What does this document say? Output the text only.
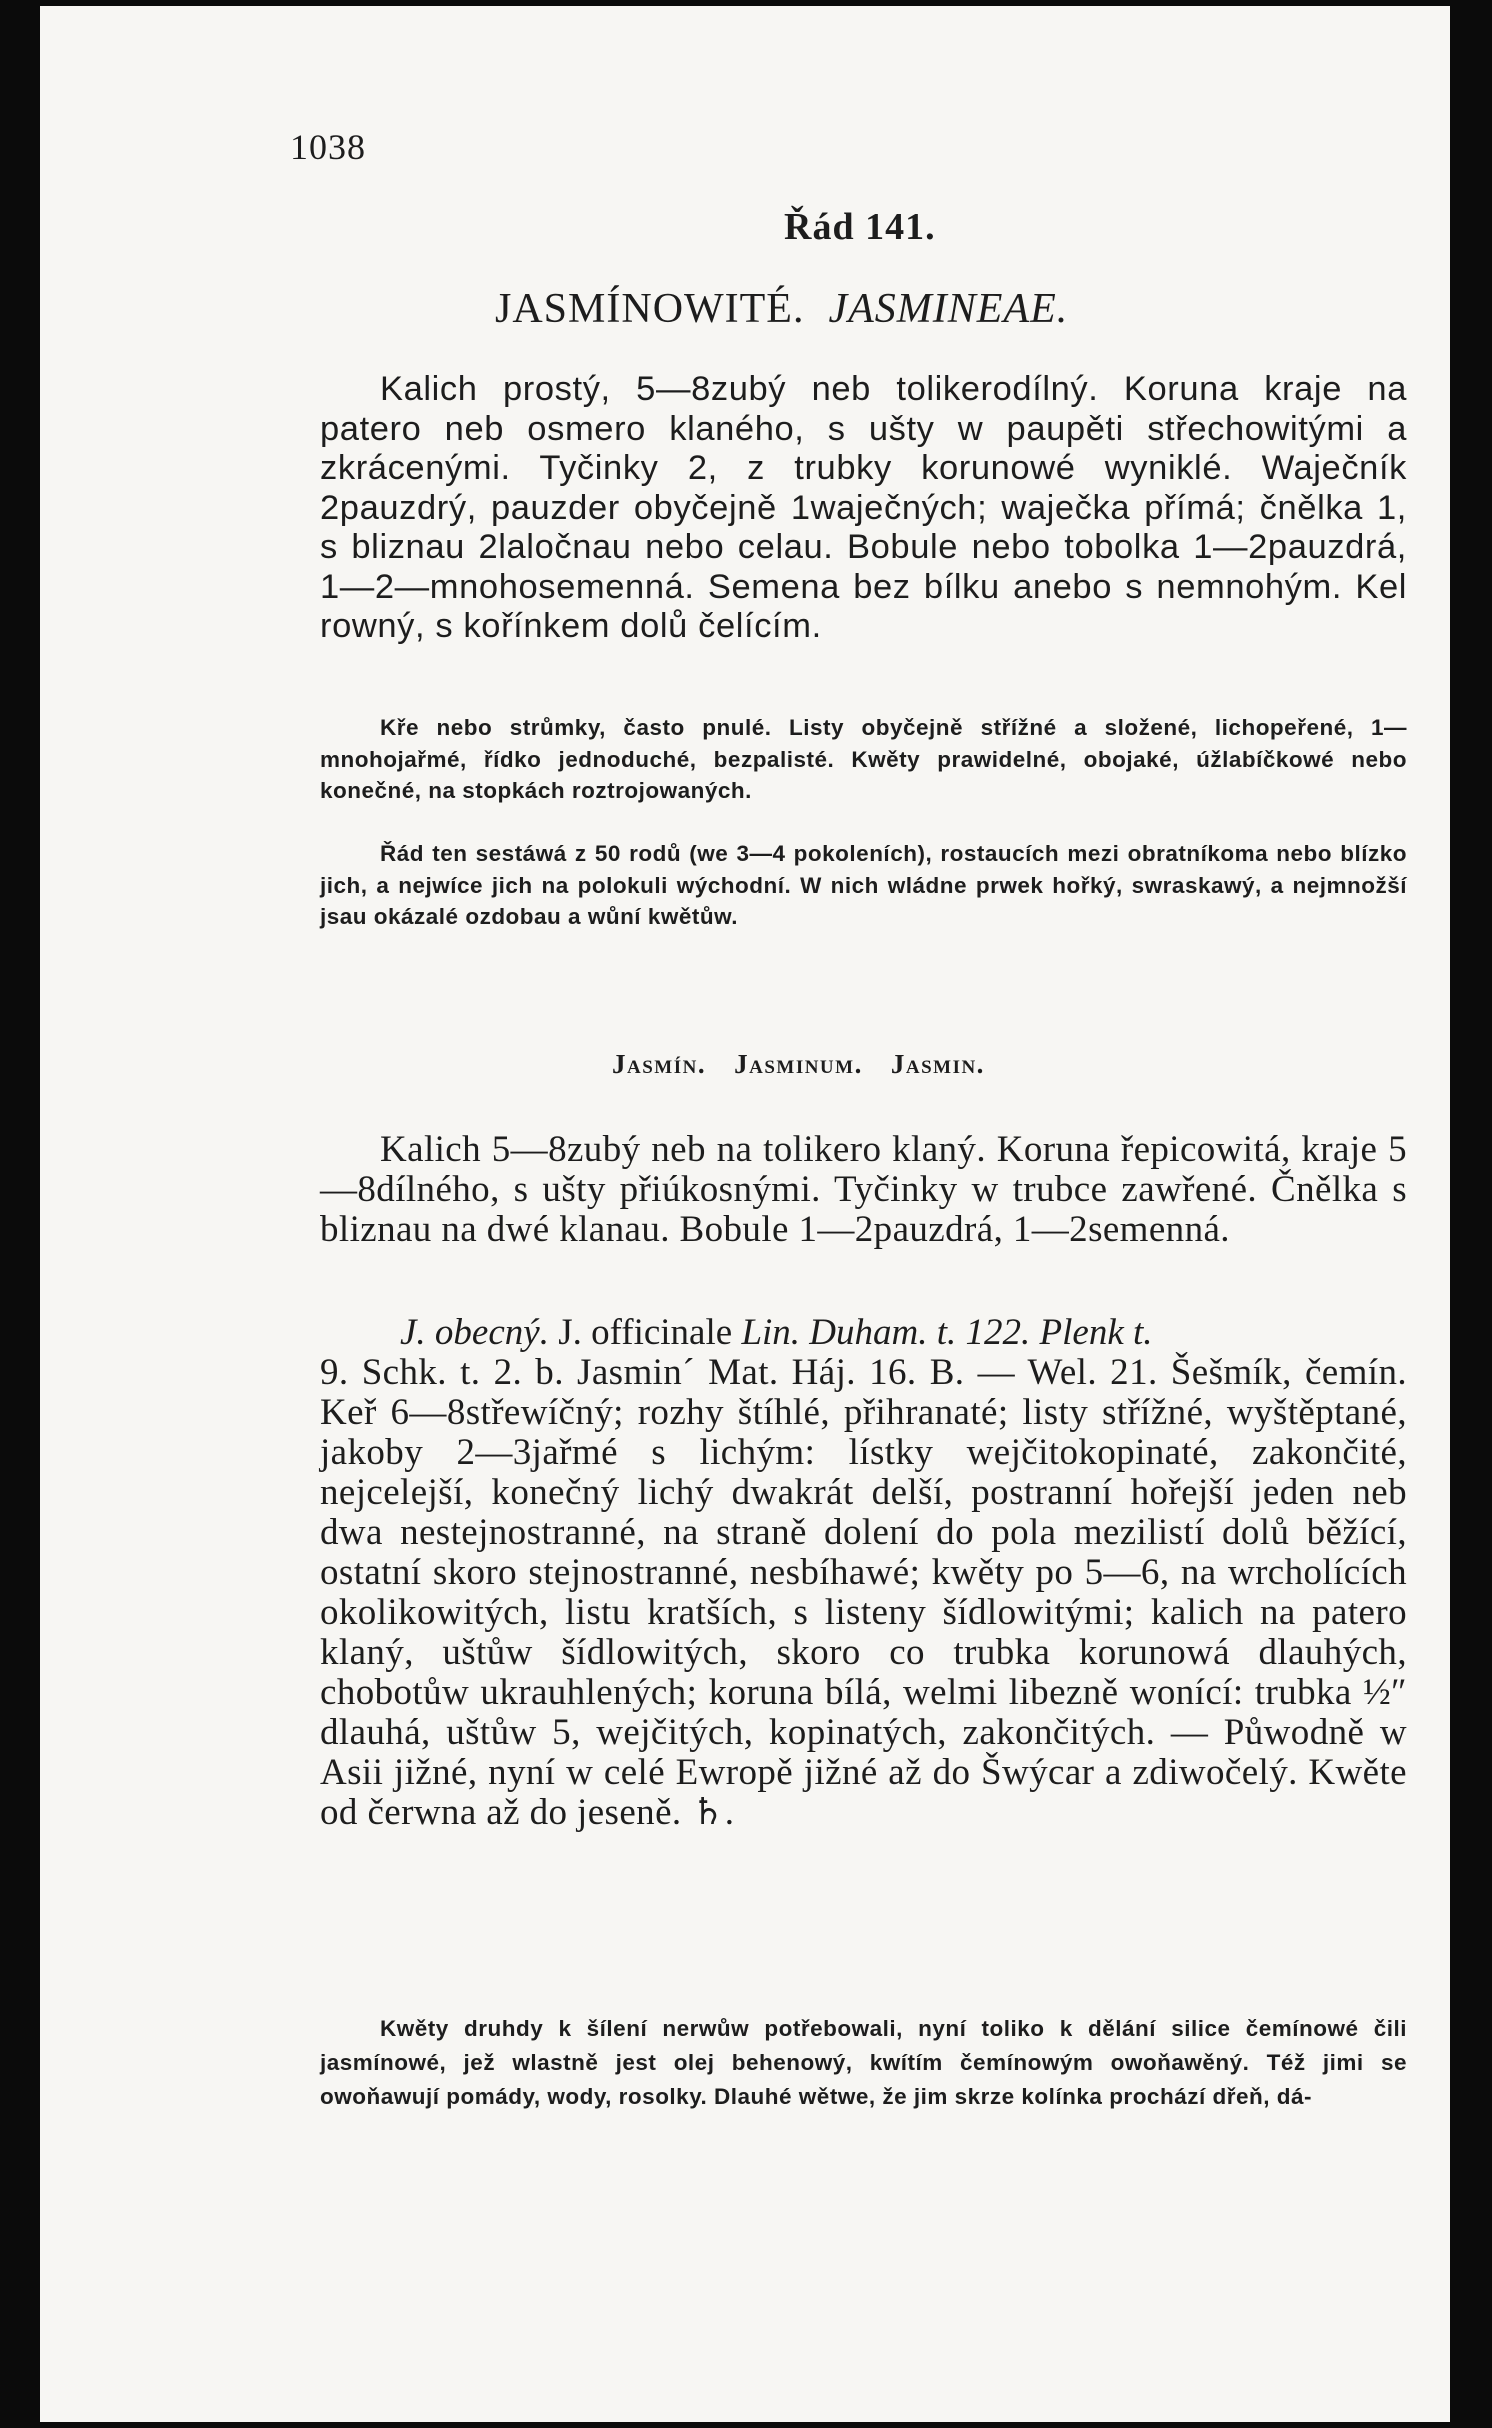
1038
Řád 141.
JASMÍNOWITÉ. JASMINEAE.

Kalich prostý, 5—8zubý neb tolikerodílný. Koruna kraje na patero neb osmero klaného, s ušty w paupěti střechowitými a zkrácenými. Tyčinky 2, z trubky korunowé wyniklé. Waječník 2pauzdrý, pauzder obyčejně 1waječných; waječka přímá; čnělka 1, s bliznau 2laločnau nebo celau. Bobule nebo tobolka 1—2pauzdrá, 1—2—mnohosemenná. Semena bez bílku anebo s nemnohým. Kel rowný, s kořínkem dolů čelícím.

Kře nebo strůmky, často pnulé. Listy obyčejně střížné a složené, lichopeřené, 1— mnohojařmé, řídko jednoduché, bezpalisté. Kwěty prawidelné, obojaké, úžlabíčkowé nebo konečné, na stopkách roztrojowaných.

Řád ten sestáwá z 50 rodů (we 3—4 pokoleních), rostaucích mezi obratníkoma nebo blízko jich, a nejwíce jich na polokuli wýchodní. W nich wládne prwek hořký, swraskawý, a nejmnožší jsau okázalé ozdobau a wůní kwětůw.

Jasmín. Jasminum. Jasmin.

Kalich 5—8zubý neb na tolikero klaný. Koruna řepicowitá, kraje 5—8dílného, s ušty přiúkosnými. Tyčinky w trubce zawřené. Čnělka s bliznau na dwé klanau. Bobule 1—2pauzdrá, 1—2semenná.

J. obecný. J. officinale Lin. Duham. t. 122. Plenk t.

9. Schk. t. 2. b. Jasmin´ Mat. Háj. 16. B. — Wel. 21. Šešmík, čemín. Keř 6—8střewíčný; rozhy štíhlé, přihranaté; listy střížné, wyštěptané, jakoby 2—3jařmé s lichým: lístky wejčitokopinaté, zakončité, nejcelejší, konečný lichý dwakrát delší, postranní hořejší jeden neb dwa nestejnostranné, na straně dolení do pola mezilistí dolů běžící, ostatní skoro stejnostranné, nesbíhawé; kwěty po 5—6, na wrcholících okolikowitých, listu kratších, s listeny šídlowitými; kalich na patero klaný, uštůw šídlowitých, skoro co trubka korunowá dlauhých, chobotůw ukrauhlených; koruna bílá, welmi libezně wonící: trubka ½″ dlauhá, uštůw 5, wejčitých, kopinatých, zakončitých. — Půwodně w Asii jižné, nyní w celé Ewropě jižné až do Šwýcar a zdiwočelý. Kwěte od čerwna až do jeseně. ♄.

Kwěty druhdy k šílení nerwůw potřebowali, nyní toliko k dělání silice čemínowé čili jasmínowé, jež wlastně jest olej behenowý, kwítím čemínowým owoňawěný. Též jimi se owoňawují pomády, wody, rosolky. Dlauhé wětwe, že jim skrze kolínka prochází dřeň, dá-
